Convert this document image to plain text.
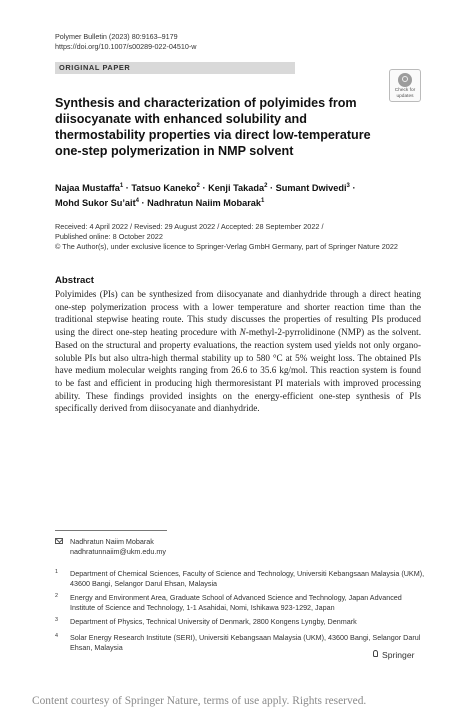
Polymer Bulletin (2023) 80:9163–9179
https://doi.org/10.1007/s00289-022-04510-w
ORIGINAL PAPER
Check for
updates
Synthesis and characterization of polyimides from diisocyanate with enhanced solubility and thermostability properties via direct low-temperature one-step polymerization in NMP solvent
Najaa Mustaffa$^1$ · Tatsuo Kaneko$^2$ · Kenji Takada$^2$ · Sumant Dwivedi$^3$ ·
Mohd Sukor Su’ait$^4$ · Nadhratun Naiim Mobarak$^1$
Received: 4 April 2022 / Revised: 29 August 2022 / Accepted: 28 September 2022 /
Published online: 8 October 2022
© The Author(s), under exclusive licence to Springer-Verlag GmbH Germany, part of Springer Nature 2022
Abstract
Polyimides (PIs) can be synthesized from diisocyanate and dianhydride through a direct heating one-step polymerization process with a lower temperature and shorter reaction time than the traditional stepwise heating route. This study discusses the properties of resulting PIs produced using the direct one-step heating procedure with N-methyl-2-pyrrolidinone (NMP) as the solvent. Based on the structural and property evaluations, the reaction system used yields not only organo-soluble PIs but also ultra-high thermal stability up to 580 °C at 5% weight loss. The obtained PIs have medium molecular weights ranging from 26.6 to 35.6 kg/mol. This reaction system is found to be fast and efficient in producing high thermoresistant PI materials with improved processing ability. These findings provided insights on the energy-efficient one-step synthesis of PIs specifically derived from diisocyanate and dianhydride.
Nadhratun Naiim Mobarak
nadhratunnaiim@ukm.edu.my
1 Department of Chemical Sciences, Faculty of Science and Technology, Universiti Kebangsaan Malaysia (UKM), 43600 Bangi, Selangor Darul Ehsan, Malaysia
2 Energy and Environment Area, Graduate School of Advanced Science and Technology, Japan Advanced Institute of Science and Technology, 1-1 Asahidai, Nomi, Ishikawa 923-1292, Japan
3 Department of Physics, Technical University of Denmark, 2800 Kongens Lyngby, Denmark
4 Solar Energy Research Institute (SERI), Universiti Kebangsaan Malaysia (UKM), 43600 Bangi, Selangor Darul Ehsan, Malaysia
Springer
Content courtesy of Springer Nature, terms of use apply. Rights reserved.
